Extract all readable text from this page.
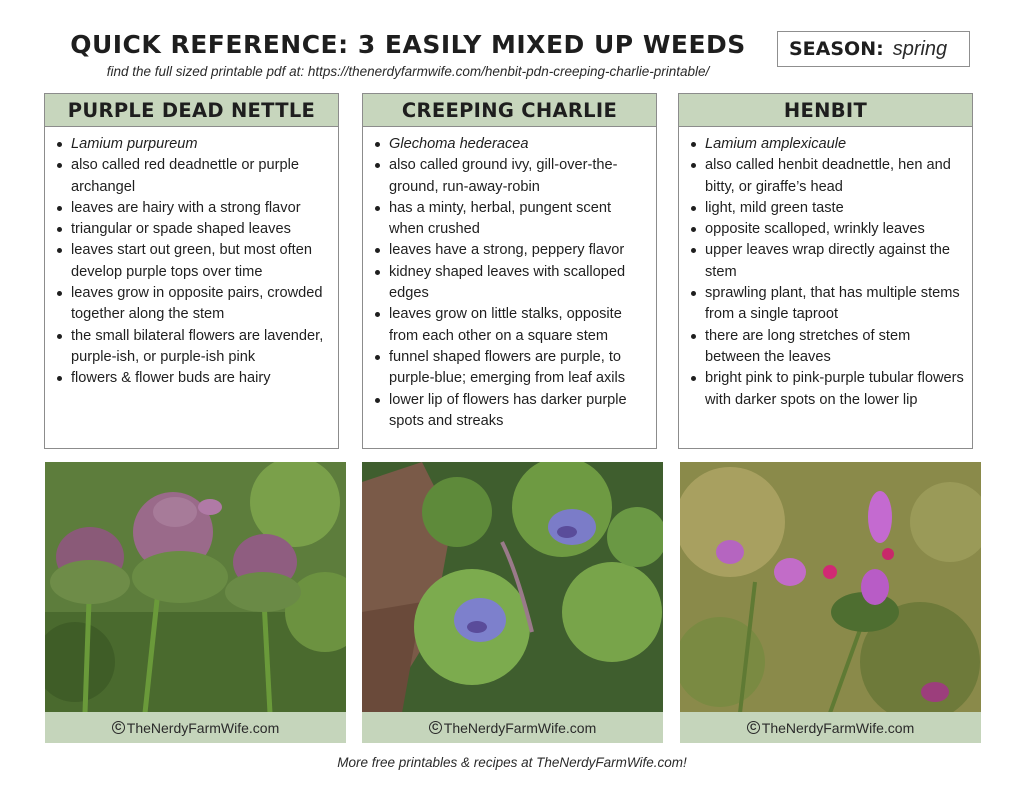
QUICK REFERENCE: 3 EASILY MIXED UP WEEDS
find the full sized printable pdf at: https://thenerdyfarmwife.com/henbit-pdn-creeping-charlie-printable/
SEASON: spring
PURPLE DEAD NETTLE
Lamium purpureum
also called red deadnettle or purple archangel
leaves are hairy with a strong flavor
triangular or spade shaped leaves
leaves start out green, but most often develop purple tops over time
leaves grow in opposite pairs, crowded together along the stem
the small bilateral flowers are lavender, purple-ish, or purple-ish pink
flowers & flower buds are hairy
CREEPING CHARLIE
Glechoma hederacea
also called ground ivy, gill-over-the-ground, run-away-robin
has a minty, herbal, pungent scent when crushed
leaves have a strong, peppery flavor
kidney shaped leaves with scalloped edges
leaves grow on little stalks, opposite from each other on a square stem
funnel shaped flowers are purple, to purple-blue; emerging from leaf axils
lower lip of flowers has darker purple spots and streaks
HENBIT
Lamium amplexicaule
also called henbit deadnettle, hen and bitty, or giraffe’s head
light, mild green taste
opposite scalloped, wrinkly leaves
upper leaves wrap directly against the stem
sprawling plant, that has multiple stems from a single taproot
there are long stretches of stem between the leaves
bright pink to pink-purple tubular flowers with darker spots on the lower lip
C TheNerdyFarmWife.com	C TheNerdyFarmWife.com	C TheNerdyFarmWife.com
More free printables & recipes at TheNerdyFarmWife.com!
